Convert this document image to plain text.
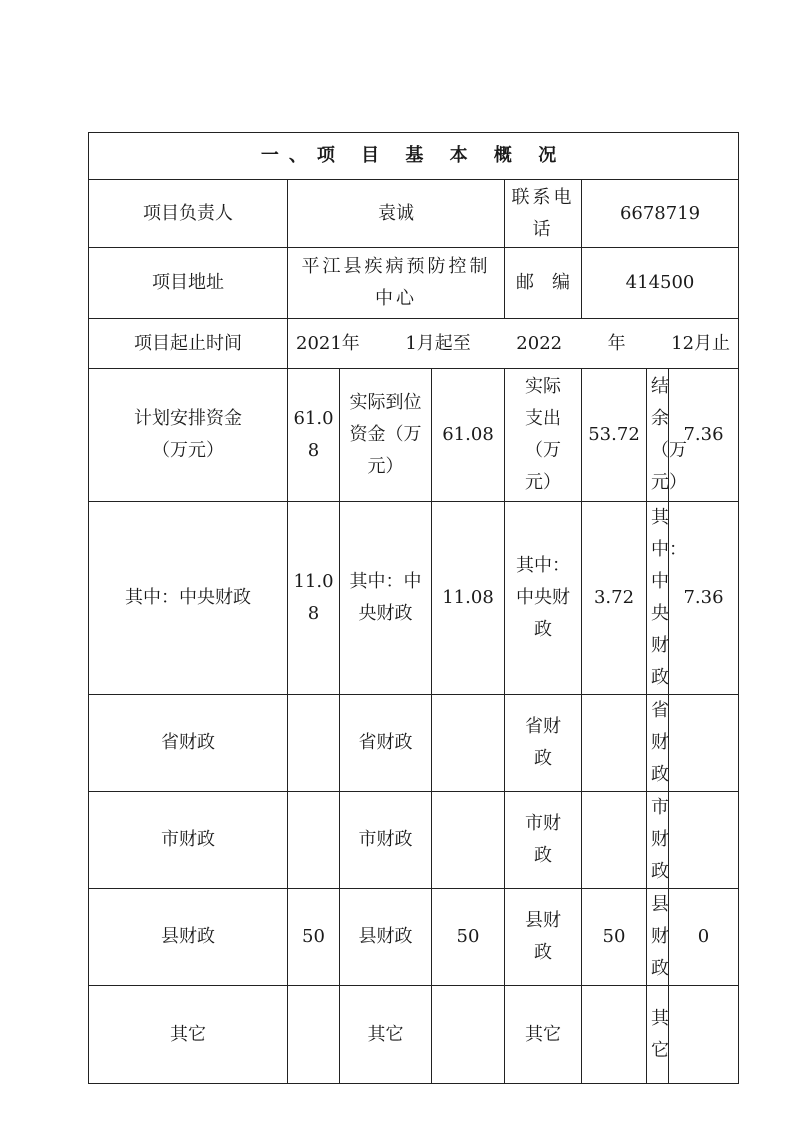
一、项 目 基 本 概 况							
项目负责人	袁诚			联系电话	6678719		
项目地址	平江县疾病预防控制中心			邮　编	414500		
项目起止时间	2021年 1月起至 2022 年 12月止						

计划安排资金（万元）	61.08	实际到位资金（万元）	61.08	实际支出（万元）	53.72	结余（万元）	7.36
其中：中央财政	11.08	其中：中央财政	11.08	其中：中央财政	3.72	其中：中央财政	7.36
省财政		省财政		省财政		省财政	
市财政		市财政		市财政		市财政	
县财政	50	县财政	50	县财政	50	县财政	0
其它		其它		其它		其它	
